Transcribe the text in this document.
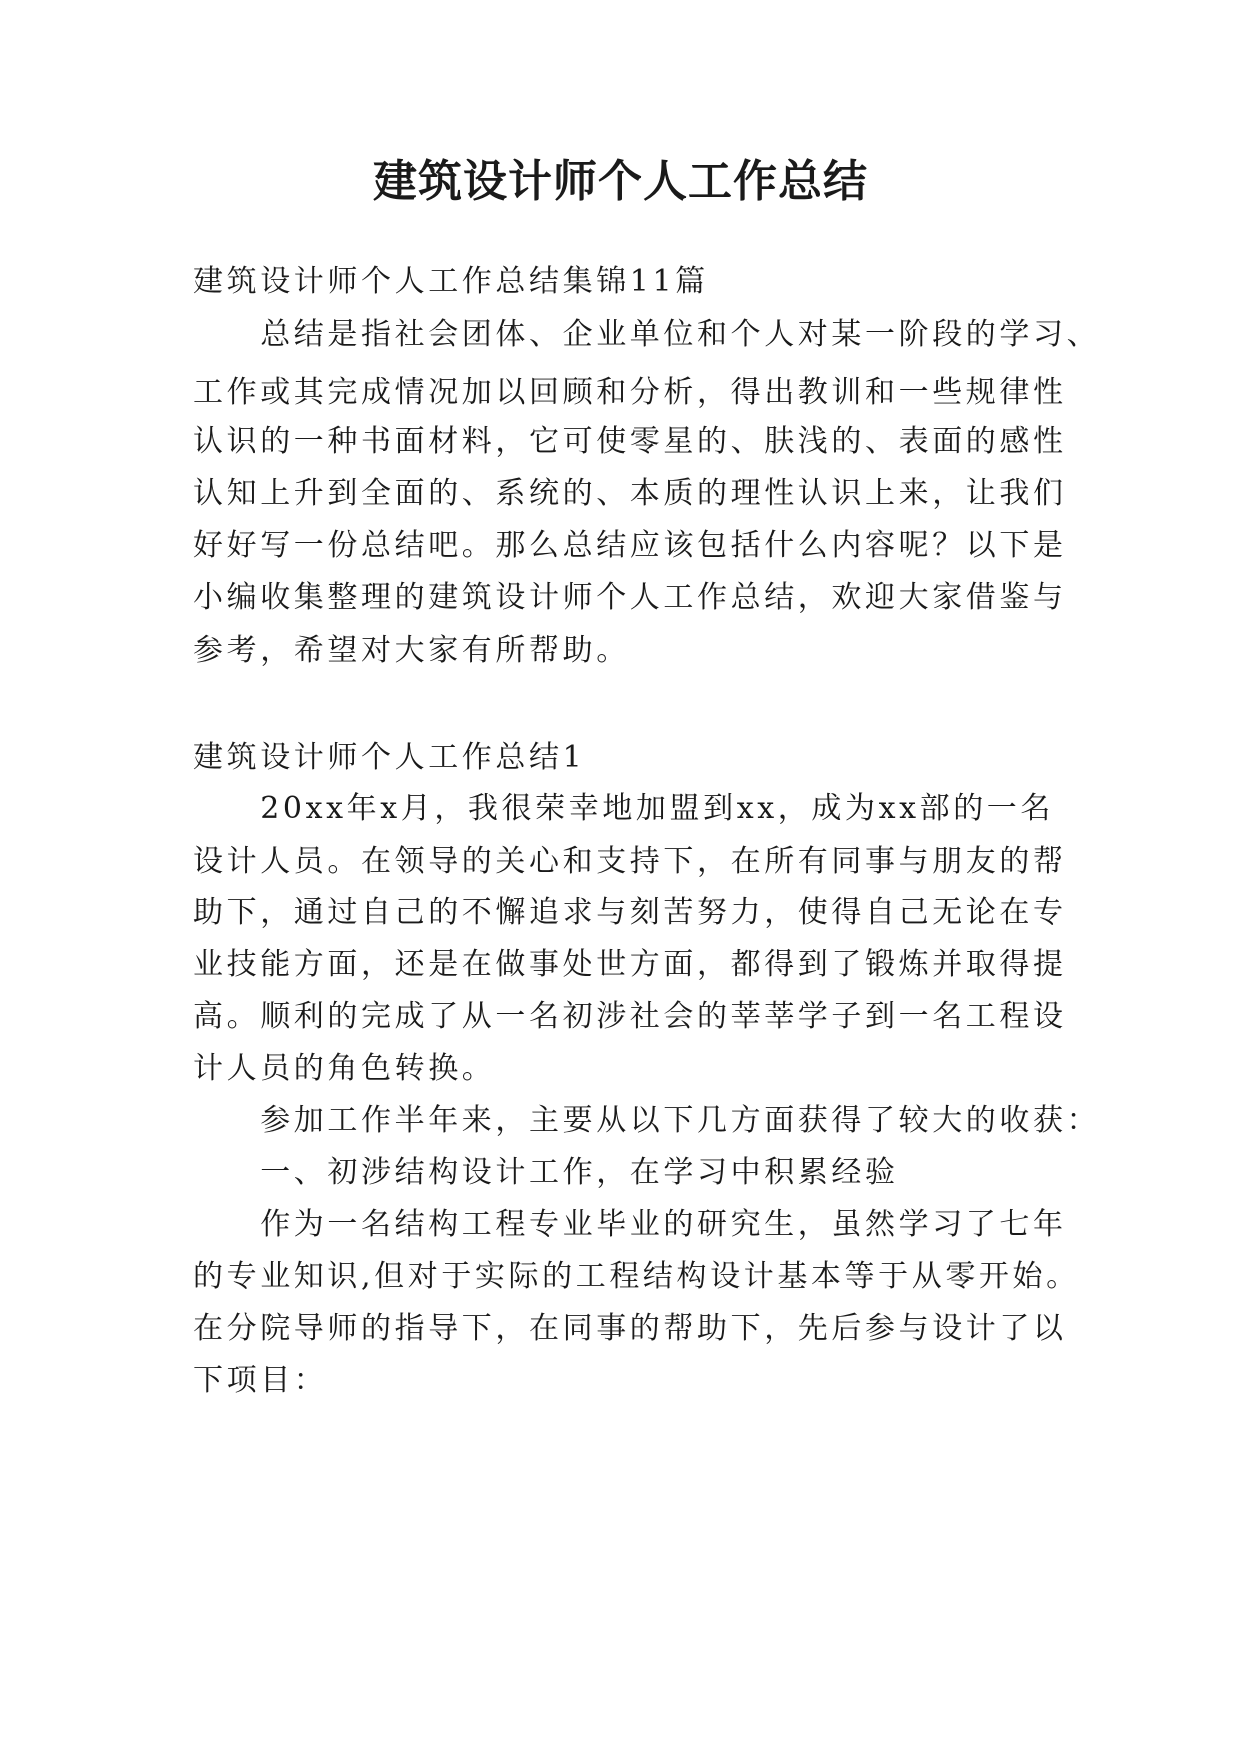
建筑设计师个人工作总结
建筑设计师个人工作总结集锦11篇
　　总结是指社会团体、企业单位和个人对某一阶段的学习、
工作或其完成情况加以回顾和分析，得出教训和一些规律性
认识的一种书面材料，它可使零星的、肤浅的、表面的感性
认知上升到全面的、系统的、本质的理性认识上来，让我们
好好写一份总结吧。那么总结应该包括什么内容呢？以下是
小编收集整理的建筑设计师个人工作总结，欢迎大家借鉴与
参考，希望对大家有所帮助。
建筑设计师个人工作总结1
　　20xx年x月，我很荣幸地加盟到xx，成为xx部的一名
设计人员。在领导的关心和支持下，在所有同事与朋友的帮
助下，通过自己的不懈追求与刻苦努力，使得自己无论在专
业技能方面，还是在做事处世方面，都得到了锻炼并取得提
高。顺利的完成了从一名初涉社会的莘莘学子到一名工程设
计人员的角色转换。
　　参加工作半年来，主要从以下几方面获得了较大的收获：
　　一、初涉结构设计工作，在学习中积累经验
　　作为一名结构工程专业毕业的研究生，虽然学习了七年
的专业知识,但对于实际的工程结构设计基本等于从零开始。
在分院导师的指导下，在同事的帮助下，先后参与设计了以
下项目：
